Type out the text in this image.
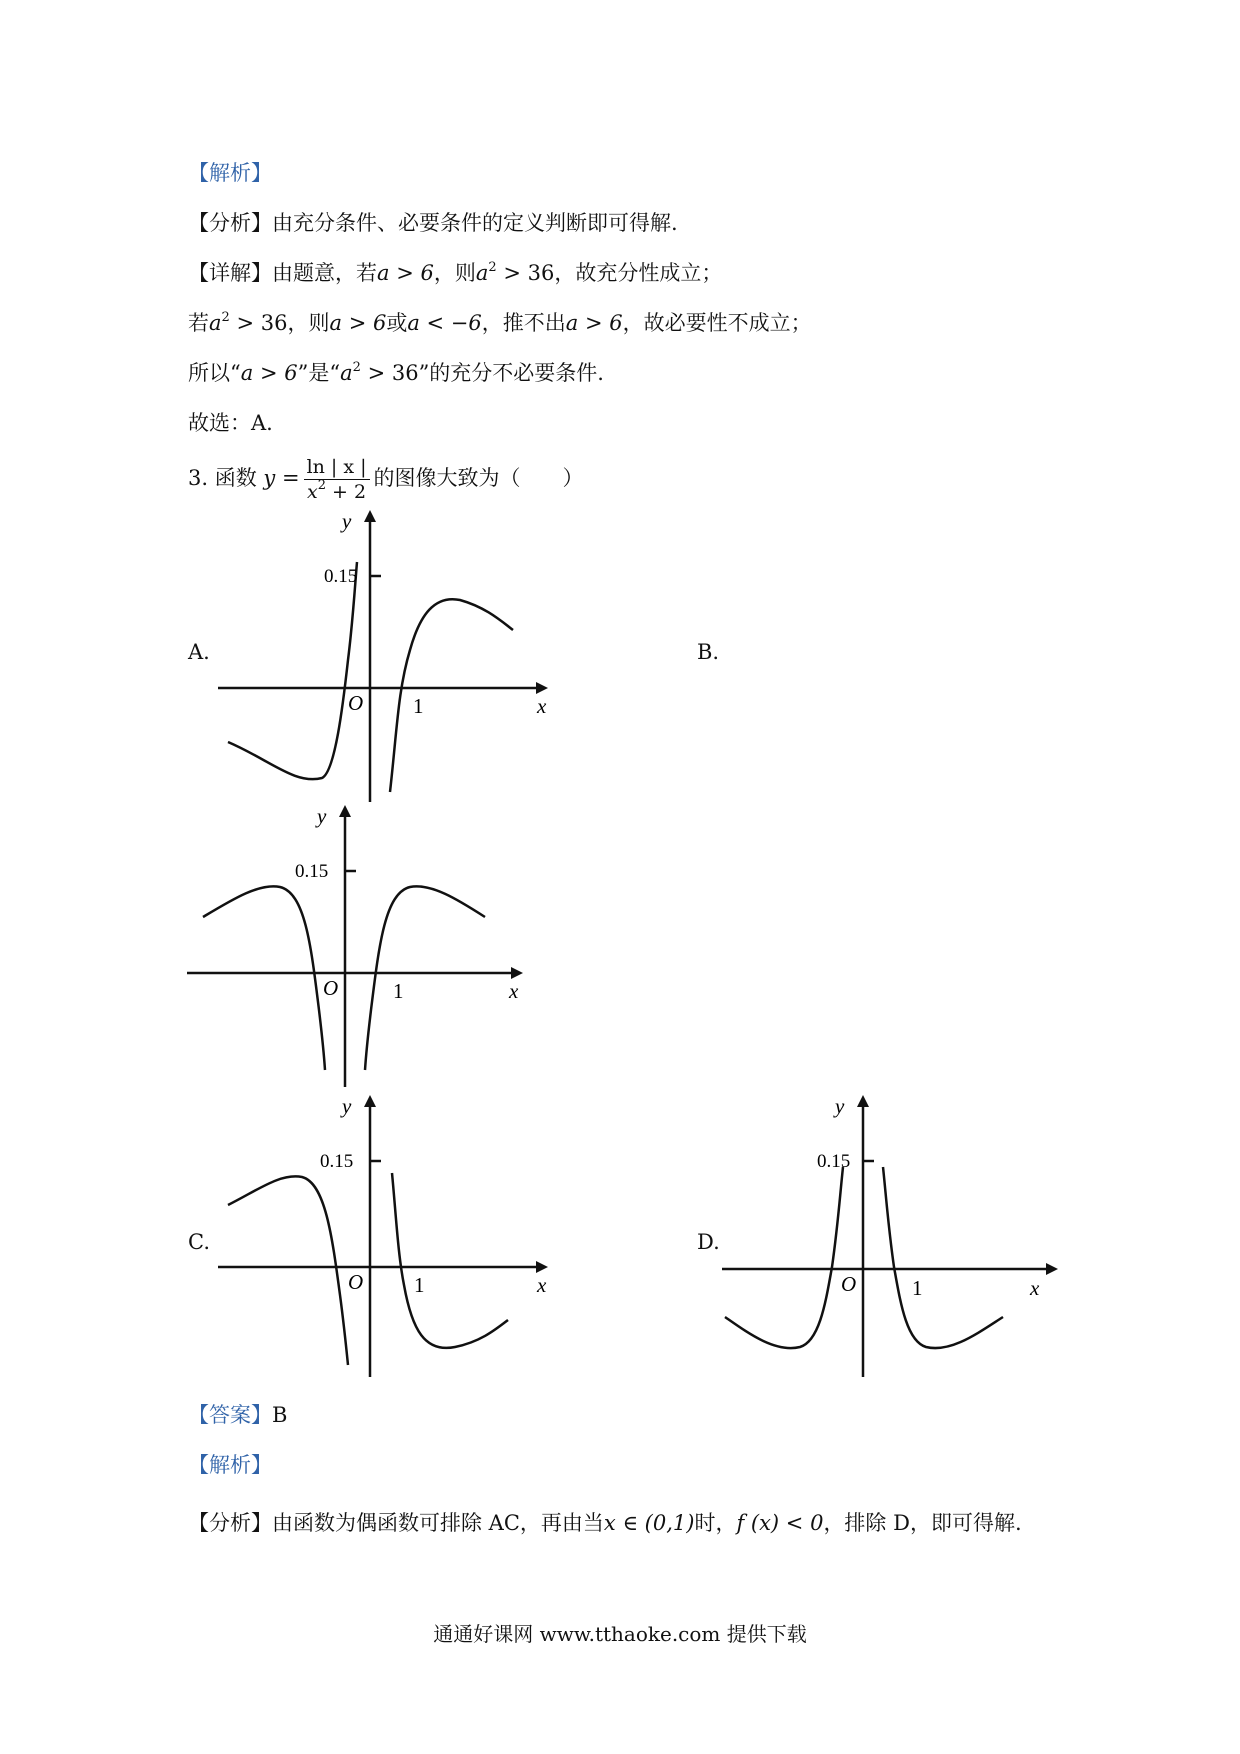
【解析】
【分析】由充分条件、必要条件的定义判断即可得解.
【详解】由题意，若a > 6，则$a^2 > 36$，故充分性成立；
若$a^2 > 36$，则a > 6或a < −6，推不出a > 6，故必要性不成立；
所以“a > 6”是“$a^2 > 36$”的充分不必要条件.
故选：A.
3. 函数 $y = \frac{\ln | x |}{x^2 + 2}$ 的图像大致为（　　）
A.	B.
C.	D.
x
y
O 1
0.15
x
y
O	1
0.15
x
y
O 1
0.15
x
y
O	1
0.15
【答案】B
【解析】
【分析】由函数为偶函数可排除 AC，再由当x ∈ (0,1)时，f (x) < 0，排除 D，即可得解.
通通好课网 www.tthaoke.com 提供下载
